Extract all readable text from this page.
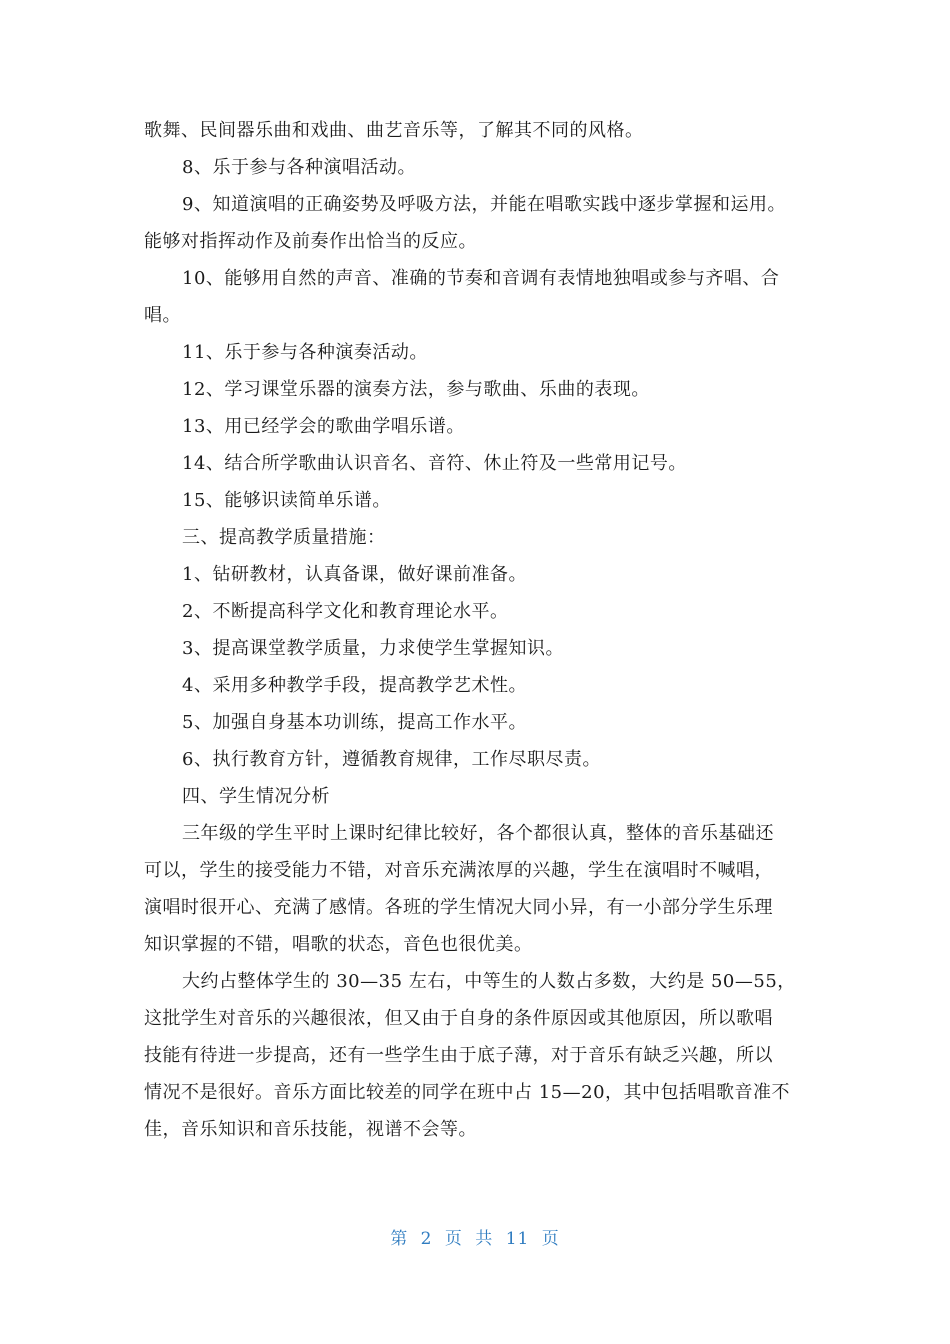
歌舞、民间器乐曲和戏曲、曲艺音乐等，了解其不同的风格。
8、乐于参与各种演唱活动。
9、知道演唱的正确姿势及呼吸方法，并能在唱歌实践中逐步掌握和运用。
能够对指挥动作及前奏作出恰当的反应。
10、能够用自然的声音、准确的节奏和音调有表情地独唱或参与齐唱、合
唱。
11、乐于参与各种演奏活动。
12、学习课堂乐器的演奏方法，参与歌曲、乐曲的表现。
13、用已经学会的歌曲学唱乐谱。
14、结合所学歌曲认识音名、音符、休止符及一些常用记号。
15、能够识读简单乐谱。
三、提高教学质量措施：
1、钻研教材，认真备课，做好课前准备。
2、不断提高科学文化和教育理论水平。
3、提高课堂教学质量，力求使学生掌握知识。
4、采用多种教学手段，提高教学艺术性。
5、加强自身基本功训练，提高工作水平。
6、执行教育方针，遵循教育规律，工作尽职尽责。
四、学生情况分析
三年级的学生平时上课时纪律比较好，各个都很认真，整体的音乐基础还
可以，学生的接受能力不错，对音乐充满浓厚的兴趣，学生在演唱时不喊唱，
演唱时很开心、充满了感情。各班的学生情况大同小异，有一小部分学生乐理
知识掌握的不错，唱歌的状态，音色也很优美。
大约占整体学生的 30—35 左右，中等生的人数占多数，大约是 50—55，
这批学生对音乐的兴趣很浓，但又由于自身的条件原因或其他原因，所以歌唱
技能有待进一步提高，还有一些学生由于底子薄，对于音乐有缺乏兴趣，所以
情况不是很好。音乐方面比较差的同学在班中占 15—20，其中包括唱歌音准不
佳，音乐知识和音乐技能，视谱不会等。
第 2 页 共 11 页
